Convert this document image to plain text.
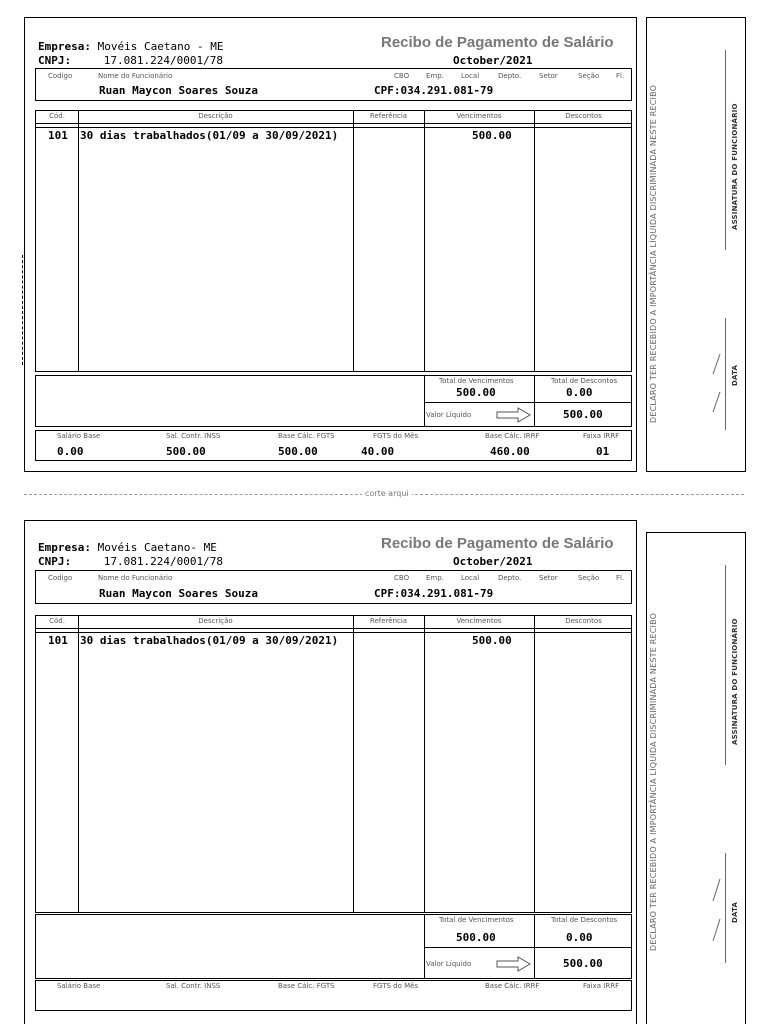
Empresa: Movéis Caetano - ME
CNPJ:	17.081.224/0001/78
Recibo de Pagamento de Salário
October/2021
Codigo	Nome do Funcionário	CBO Emp. Local	Depto.	Setor	Seção Fl.
Ruan Maycon Soares Souza	CPF:034.291.081-79
Cód.	Descrição	Referência	Vencimentos	Descontos
101 30 dias trabalhados(01/09 a 30/09/2021)	500.00
Total de Vencimentos
500.00
Total de Descontos
0.00
Valor Líquido	500.00
Salário Base
0.00
Sal. Contr. INSS
500.00
Base Cálc. FGTS
500.00
FGTS do Mês
40.00
Base Cálc. IRRF
460.00
Faixa IRRF
01
DECLARO TER RECEBIDO A IMPORTÂNCIA LÍQUIDA DISCRIMINADA NESTE RECIBO	ASSINATURA DO FUNCIONÁRIO
DATA
corte arqui
Empresa: Movéis Caetano- ME
CNPJ:	17.081.224/0001/78
Recibo de Pagamento de Salário
October/2021
Codigo	Nome do Funcionário	CBO Emp. Local	Depto.	Setor	Seção Fl.
Ruan Maycon Soares Souza	CPF:034.291.081-79
Cód.	Descrição	Referência	Vencimentos	Descontos
101 30 dias trabalhados(01/09 a 30/09/2021)	500.00
Total de Vencimentos
500.00
Total de Descontos
0.00
Valor Líquido	500.00
Salário Base	Sal. Contr. INSS	Base Cálc. FGTS	FGTS do Mês	Base Cálc. IRRF	Faixa IRRF
DECLARO TER RECEBIDO A IMPORTÂNCIA LÍQUIDA DISCRIMINADA NESTE RECIBO	ASSINATURA DO FUNCIONÁRIO
DATA
